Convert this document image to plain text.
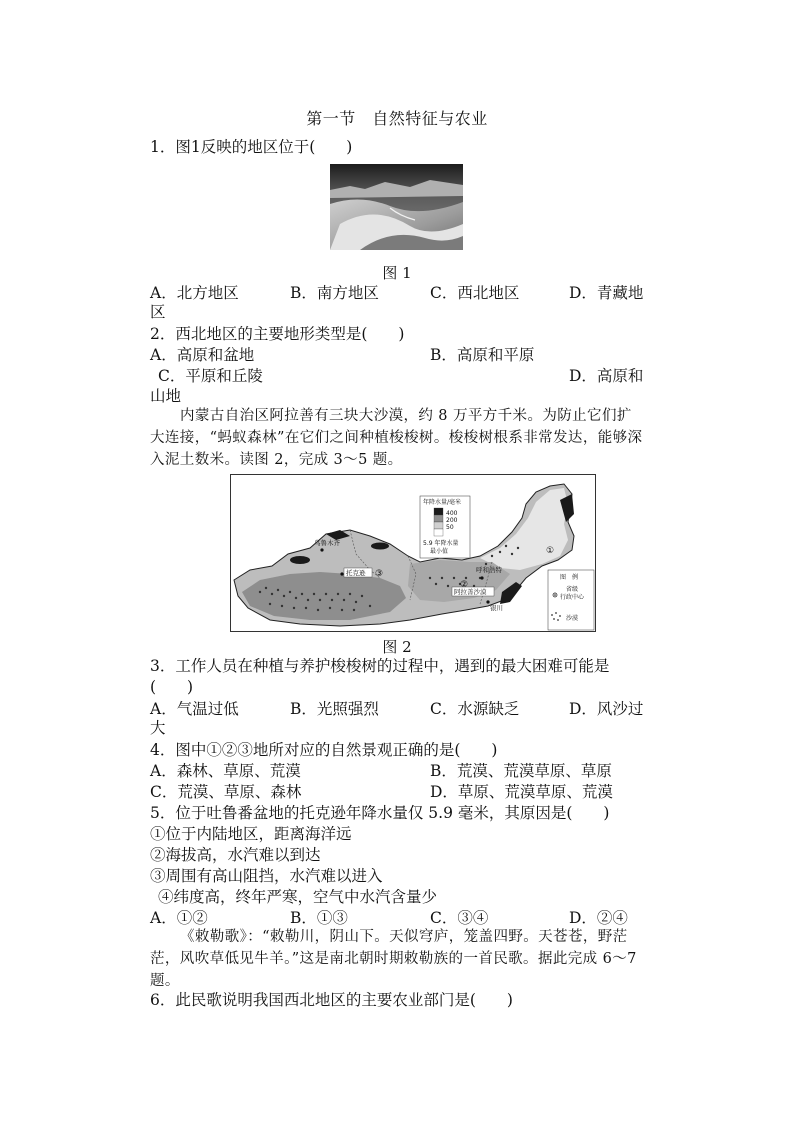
第一节　自然特征与农业
1．图1反映的地区位于(　　)
图 1
A．北方地区	B．南方地区	C．西北地区	D．青藏地
区
2．西北地区的主要地形类型是(　　)
A．高原和盆地	B．高原和平原
C．平原和丘陵	D．高原和
山地
内蒙古自治区阿拉善有三块大沙漠，约 8 万平方千米。为防止它们扩大连接，“蚂蚁森林”在它们之间种植梭梭树。梭梭树根系非常发达，能够深入泥土数米。读图 2，完成 3～5 题。
乌鲁木齐
托克逊	呼和浩特
阿拉善沙漠
银川
①
②
③
年降水量/毫米
400
200
50
5.9 年降水量
最小值
图　例
省级
行政中心
沙漠
图 2
3．工作人员在种植与养护梭梭树的过程中，遇到的最大困难可能是
(　　)
A．气温过低	B．光照强烈	C．水源缺乏	D．风沙过
大
4．图中①②③地所对应的自然景观正确的是(　　)
A．森林、草原、荒漠	B．荒漠、荒漠草原、草原
C．荒漠、草原、森林	D．草原、荒漠草原、荒漠
5．位于吐鲁番盆地的托克逊年降水量仅 5.9 毫米，其原因是(　　)
①位于内陆地区，距离海洋远
②海拔高，水汽难以到达
③周围有高山阻挡，水汽难以进入
④纬度高，终年严寒，空气中水汽含量少
A．①②	B．①③	C．③④	D．②④
《敕勒歌》：“敕勒川，阴山下。天似穹庐，笼盖四野。天苍苍，野茫茫，风吹草低见牛羊。”这是南北朝时期敕勒族的一首民歌。据此完成 6～7 题。
6．此民歌说明我国西北地区的主要农业部门是(　　)
